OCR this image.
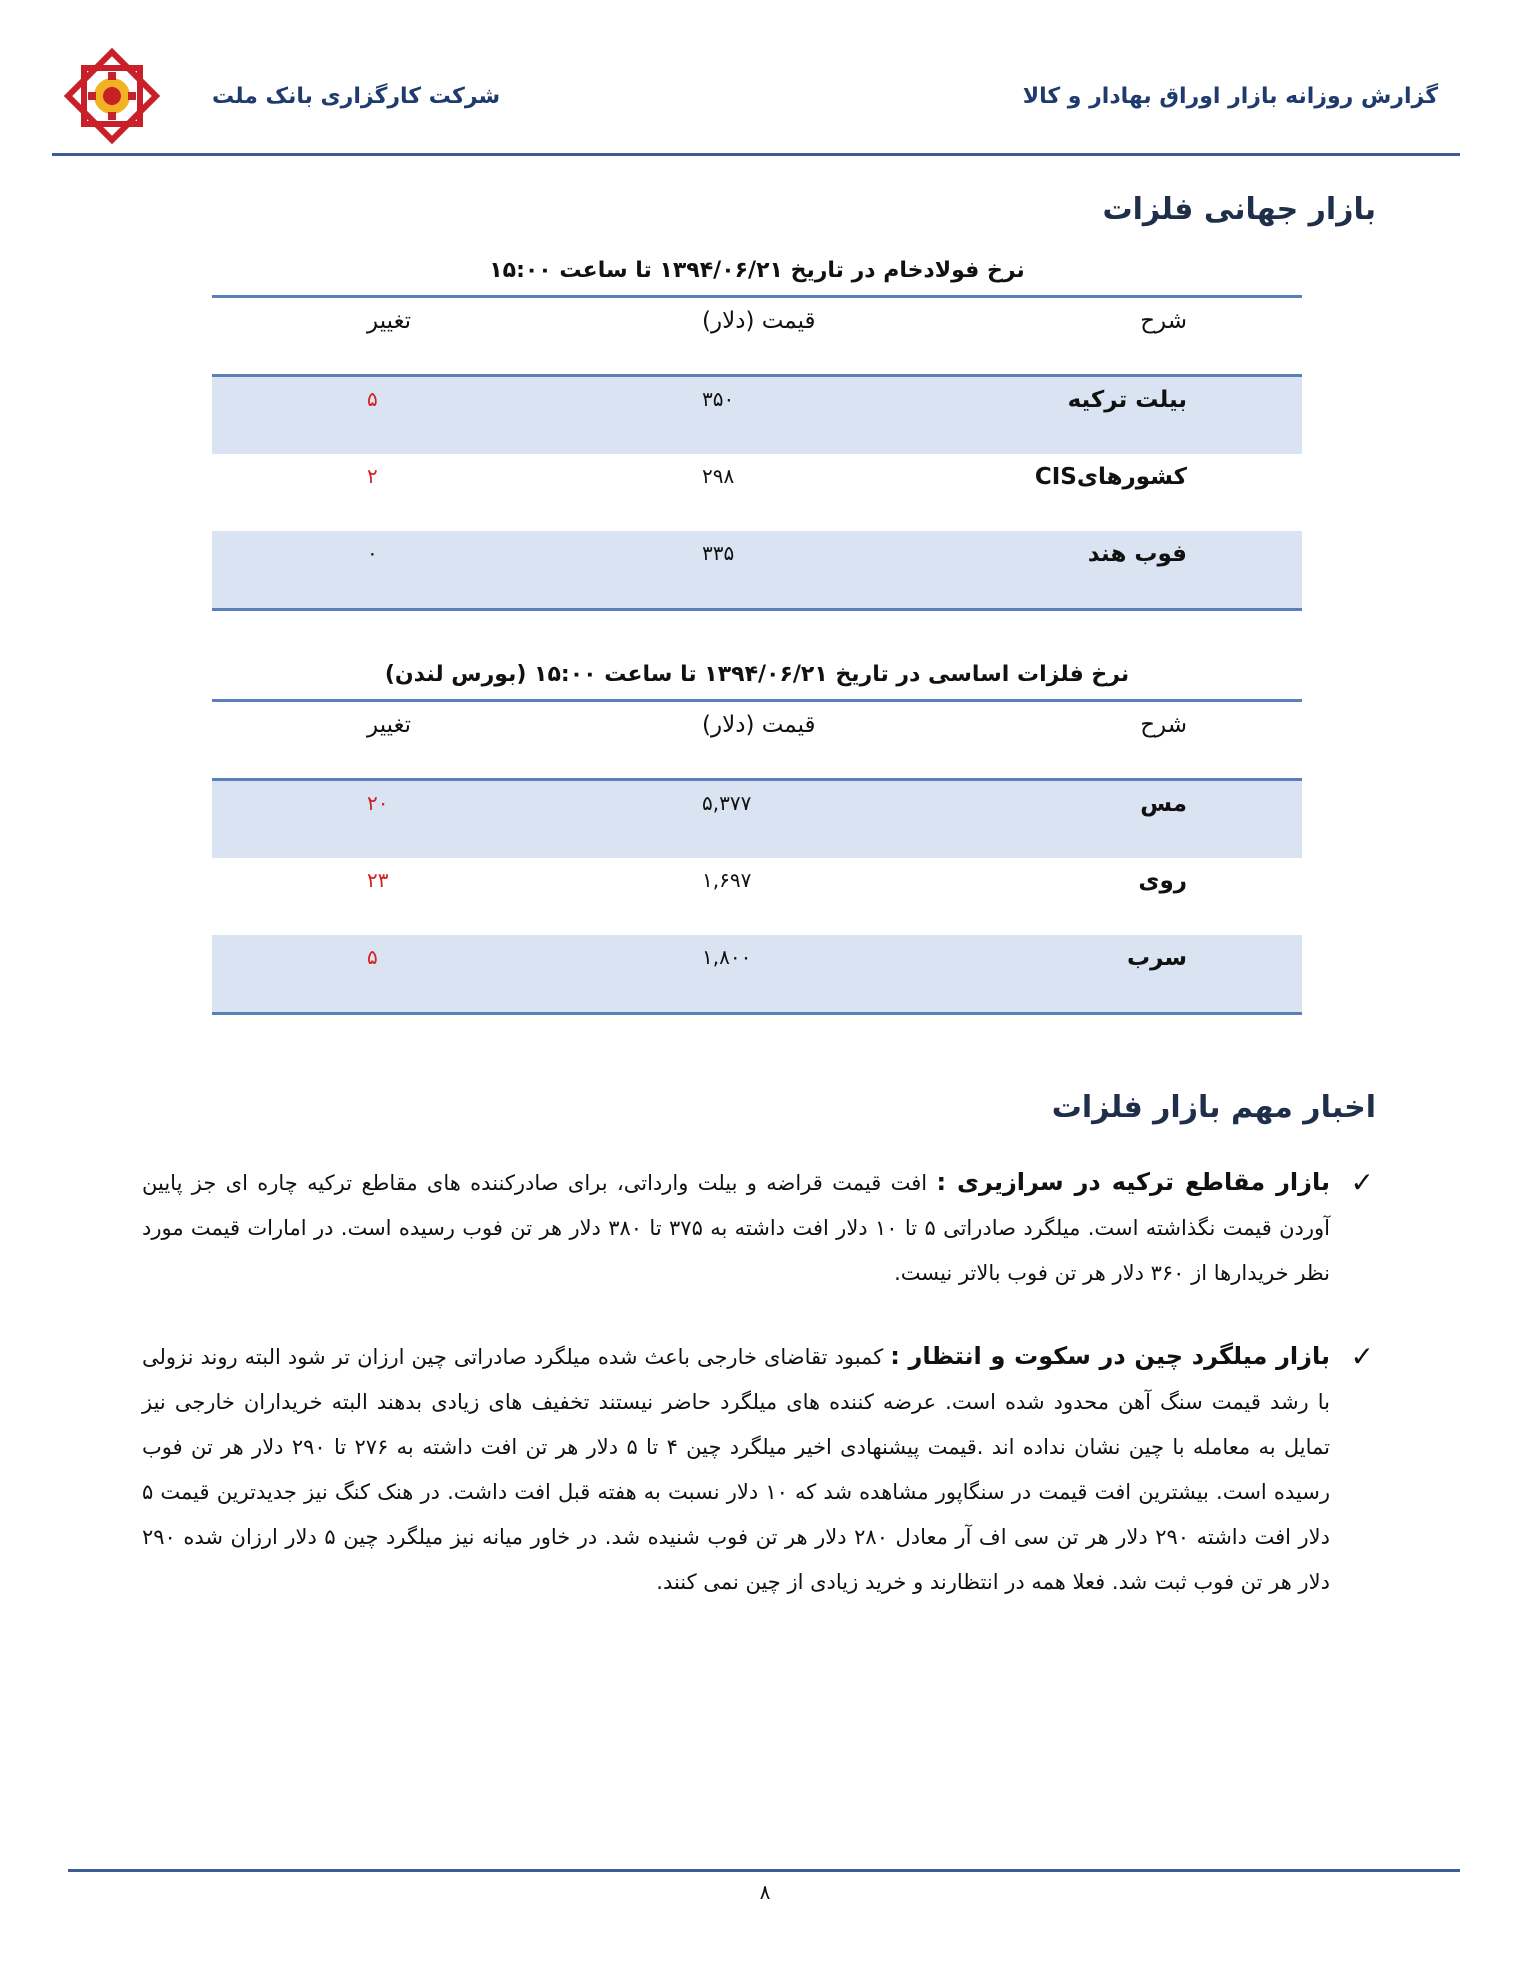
شرکت کارگزاری بانک ملت	گزارش روزانه بازار اوراق بهادار و کالا
بازار جهانی فلزات
نرخ فولادخام در تاریخ ۱۳۹۴/۰۶/۲۱ تا ساعت ۱۵:۰۰
شرح
قیمت (دلار)
تغییر
بیلت ترکیه
۳۵۰
۵
کشورهایCIS
۲۹۸
۲
فوب هند
۳۳۵
۰
نرخ فلزات اساسی در تاریخ ۱۳۹۴/۰۶/۲۱ تا ساعت ۱۵:۰۰ (بورس لندن)
شرح
قیمت (دلار)
تغییر
مس
۵,۳۷۷
۲۰
روی
۱,۶۹۷
۲۳
سرب
۱,۸۰۰
۵
اخبار مهم بازار فلزات
✓
بازار مقاطع ترکیه در سرازیری : افت قیمت قراضه و بیلت وارداتی، برای صادرکننده های مقاطع ترکیه چاره ای جز پایین آوردن قیمت نگذاشته است. میلگرد صادراتی ۵ تا ۱۰ دلار افت داشته به ۳۷۵ تا ۳۸۰ دلار هر تن فوب رسیده است. در امارات قیمت مورد نظر خریدارها از ۳۶۰ دلار هر تن فوب بالاتر نیست.
✓
بازار میلگرد چین در سکوت و انتظار : کمبود تقاضای خارجی باعث شده میلگرد صادراتی چین ارزان تر شود البته روند نزولی با رشد قیمت سنگ آهن محدود شده است. عرضه کننده های میلگرد حاضر نیستند تخفیف های زیادی بدهند البته خریداران خارجی نیز تمایل به معامله با چین نشان نداده اند .قیمت پیشنهادی اخیر میلگرد چین ۴ تا ۵ دلار هر تن افت داشته به ۲۷۶ تا ۲۹۰ دلار هر تن فوب رسیده است. بیشترین افت قیمت در سنگاپور مشاهده شد که ۱۰ دلار نسبت به هفته قبل افت داشت. در هنک کنگ نیز جدیدترین قیمت ۵ دلار افت داشته ۲۹۰ دلار هر تن سی اف آر معادل ۲۸۰ دلار هر تن فوب شنیده شد. در خاور میانه نیز میلگرد چین ۵ دلار ارزان شده ۲۹۰ دلار هر تن فوب ثبت شد. فعلا همه در انتظارند و خرید زیادی از چین نمی کنند.
۸
